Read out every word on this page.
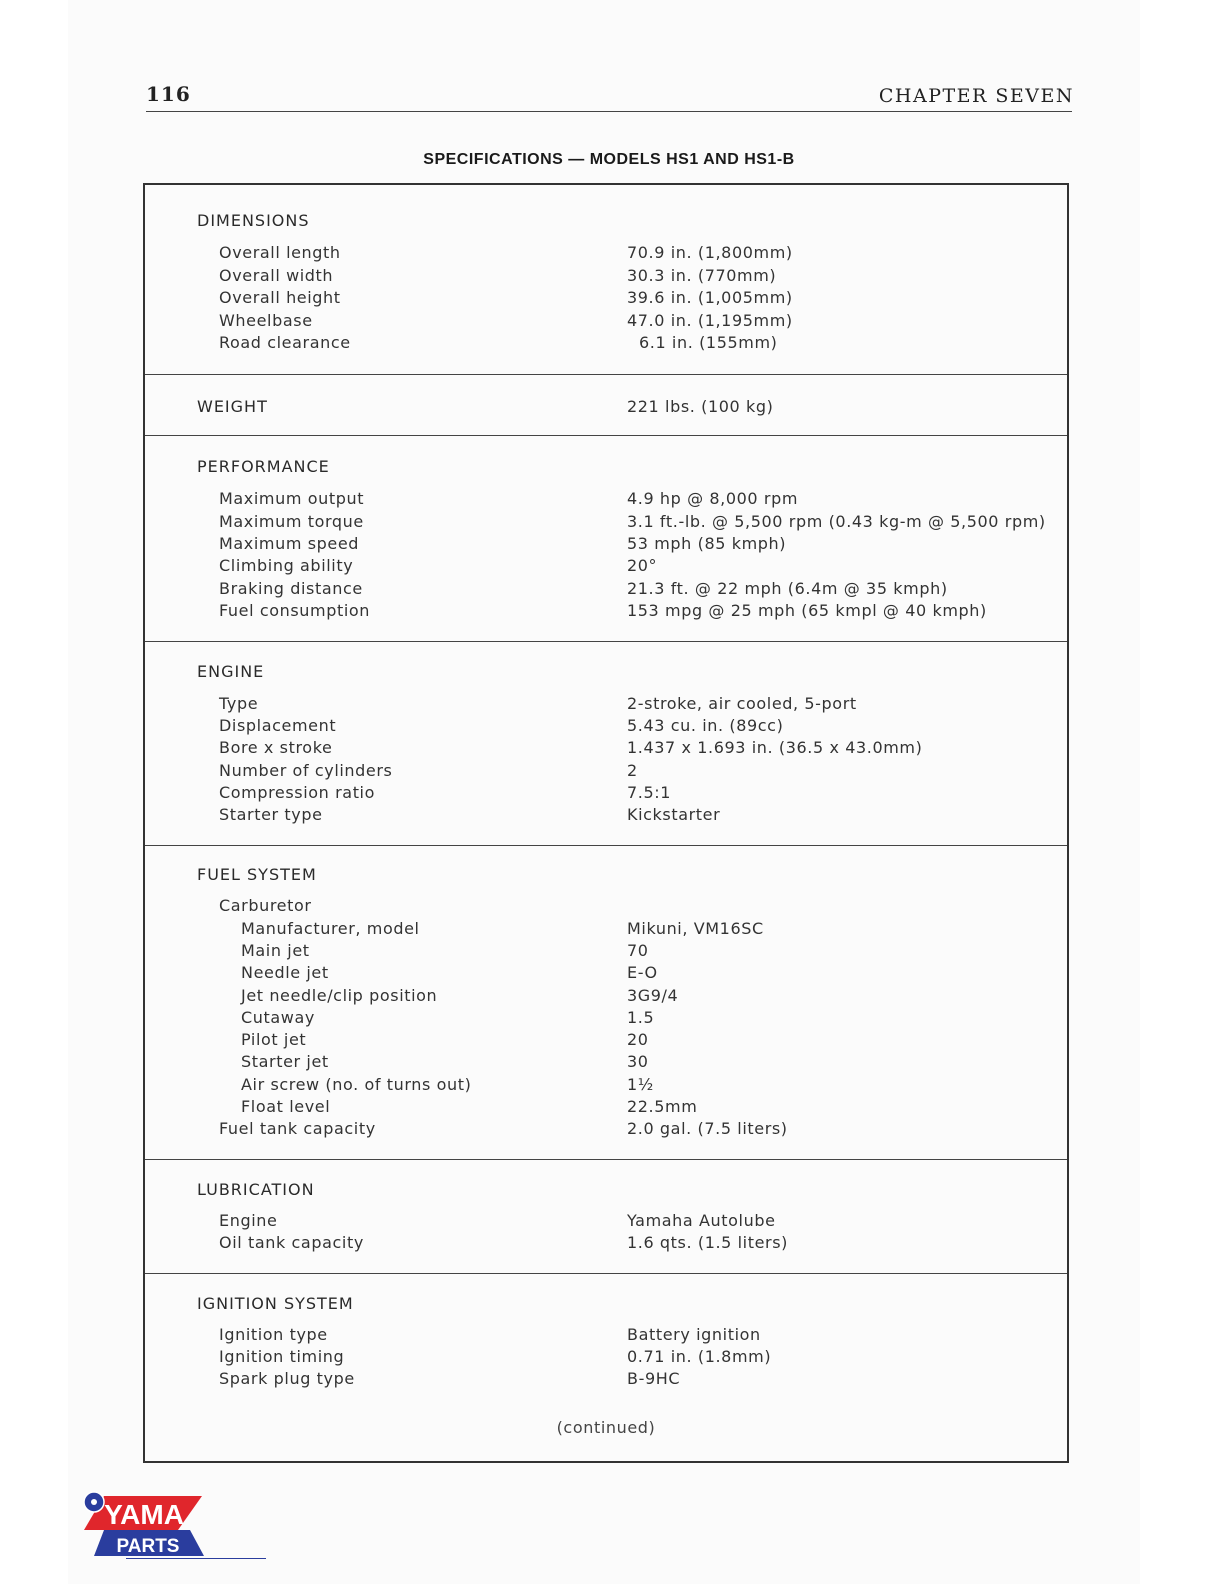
116	CHAPTER SEVEN
SPECIFICATIONS — MODELS HS1 AND HS1-B
DIMENSIONS
Overall length	70.9 in. (1,800mm)
Overall width	30.3 in. (770mm)
Overall height	39.6 in. (1,005mm)
Wheelbase	47.0 in. (1,195mm)
Road clearance	6.1 in. (155mm)
WEIGHT	221 lbs. (100 kg)
PERFORMANCE
Maximum output	4.9 hp @ 8,000 rpm
Maximum torque	3.1 ft.-lb. @ 5,500 rpm (0.43 kg-m @ 5,500 rpm)
Maximum speed	53 mph (85 kmph)
Climbing ability	20°
Braking distance	21.3 ft. @ 22 mph (6.4m @ 35 kmph)
Fuel consumption	153 mpg @ 25 mph (65 kmpl @ 40 kmph)
ENGINE
Type	2-stroke, air cooled, 5-port
Displacement	5.43 cu. in. (89cc)
Bore x stroke	1.437 x 1.693 in. (36.5 x 43.0mm)
Number of cylinders	2
Compression ratio	7.5:1
Starter type	Kickstarter
FUEL SYSTEM
Carburetor
Manufacturer, model	Mikuni, VM16SC
Main jet	70
Needle jet	E-O
Jet needle/clip position	3G9/4
Cutaway	1.5
Pilot jet	20
Starter jet	30
Air screw (no. of turns out)	1½
Float level	22.5mm
Fuel tank capacity	2.0 gal. (7.5 liters)
LUBRICATION
Engine	Yamaha Autolube
Oil tank capacity	1.6 qts. (1.5 liters)
IGNITION SYSTEM
Ignition type	Battery ignition
Ignition timing	0.71 in. (1.8mm)
Spark plug type	B-9HC
(continued)
YAMA
PARTS
